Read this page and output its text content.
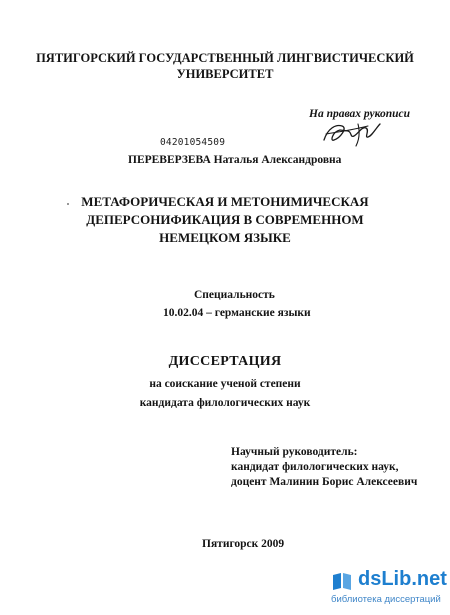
ПЯТИГОРСКИЙ ГОСУДАРСТВЕННЫЙ ЛИНГВИСТИЧЕСКИЙ
УНИВЕРСИТЕТ
На правах рукописи
04201054509
ПЕРЕВЕРЗЕВА Наталья Александровна
МЕТАФОРИЧЕСКАЯ И МЕТОНИМИЧЕСКАЯ
ДЕПЕРСОНИФИКАЦИЯ В СОВРЕМЕННОМ
НЕМЕЦКОМ ЯЗЫКЕ
Специальность
10.02.04 – германские языки
ДИССЕРТАЦИЯ
на соискание ученой степени
кандидата филологических наук
Научный руководитель:
кандидат филологических наук,
доцент Малинин Борис Алексеевич
Пятигорск 2009
dsLib.net
библиотека диссертаций
